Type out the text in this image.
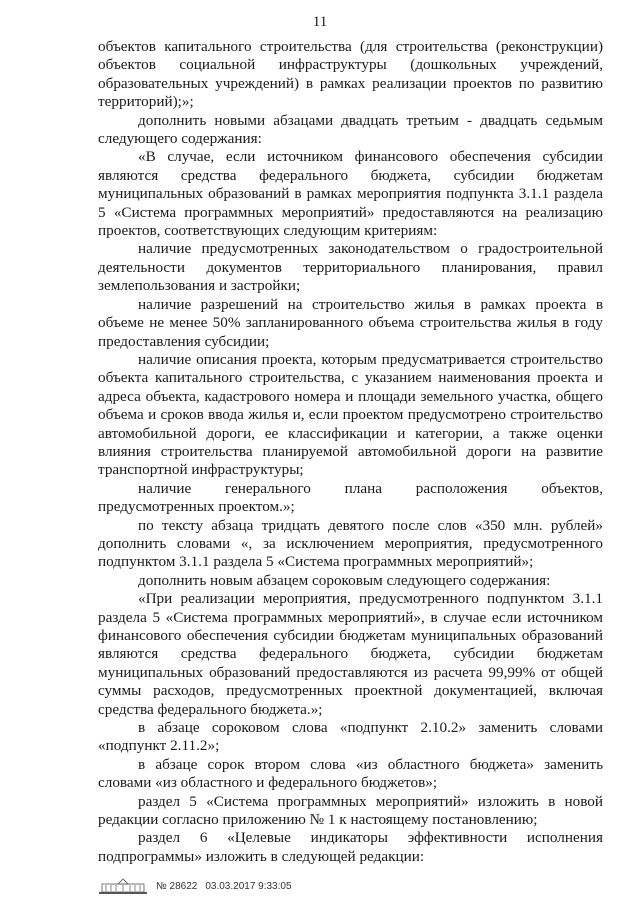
11

объектов капитального строительства (для строительства (реконструкции) объектов социальной инфраструктуры (дошкольных учреждений, образовательных учреждений) в рамках реализации проектов по развитию территорий);»;

дополнить новыми абзацами двадцать третьим - двадцать седьмым следующего содержания:

«В случае, если источником финансового обеспечения субсидии являются средства федерального бюджета, субсидии бюджетам муниципальных образований в рамках мероприятия подпункта 3.1.1 раздела 5 «Система программных мероприятий» предоставляются на реализацию проектов, соответствующих следующим критериям:

наличие предусмотренных законодательством о градостроительной деятельности документов территориального планирования, правил землепользования и застройки;

наличие разрешений на строительство жилья в рамках проекта в объеме не менее 50% запланированного объема строительства жилья в году предоставления субсидии;

наличие описания проекта, которым предусматривается строительство объекта капитального строительства, с указанием наименования проекта и адреса объекта, кадастрового номера и площади земельного участка, общего объема и сроков ввода жилья и, если проектом предусмотрено строительство автомобильной дороги, ее классификации и категории, а также оценки влияния строительства планируемой автомобильной дороги на развитие транспортной инфраструктуры;

наличие генерального плана расположения объектов, предусмотренных проектом.»;

по тексту абзаца тридцать девятого после слов «350 млн. рублей» дополнить словами «, за исключением мероприятия, предусмотренного подпунктом 3.1.1 раздела 5 «Система программных мероприятий»;

дополнить новым абзацем сороковым следующего содержания:

«При реализации мероприятия, предусмотренного подпунктом 3.1.1 раздела 5 «Система программных мероприятий», в случае если источником финансового обеспечения субсидии бюджетам муниципальных образований являются средства федерального бюджета, субсидии бюджетам муниципальных образований предоставляются из расчета 99,99% от общей суммы расходов, предусмотренных проектной документацией, включая средства федерального бюджета.»;

в абзаце сороковом слова «подпункт 2.10.2» заменить словами «подпункт 2.11.2»;

в абзаце сорок втором слова «из областного бюджета» заменить словами «из областного и федерального бюджетов»;

раздел 5 «Система программных мероприятий» изложить в новой редакции согласно приложению № 1 к настоящему постановлению;

раздел 6 «Целевые индикаторы эффективности исполнения подпрограммы» изложить в следующей редакции:

№ 28622 03.03.2017 9:33:05
